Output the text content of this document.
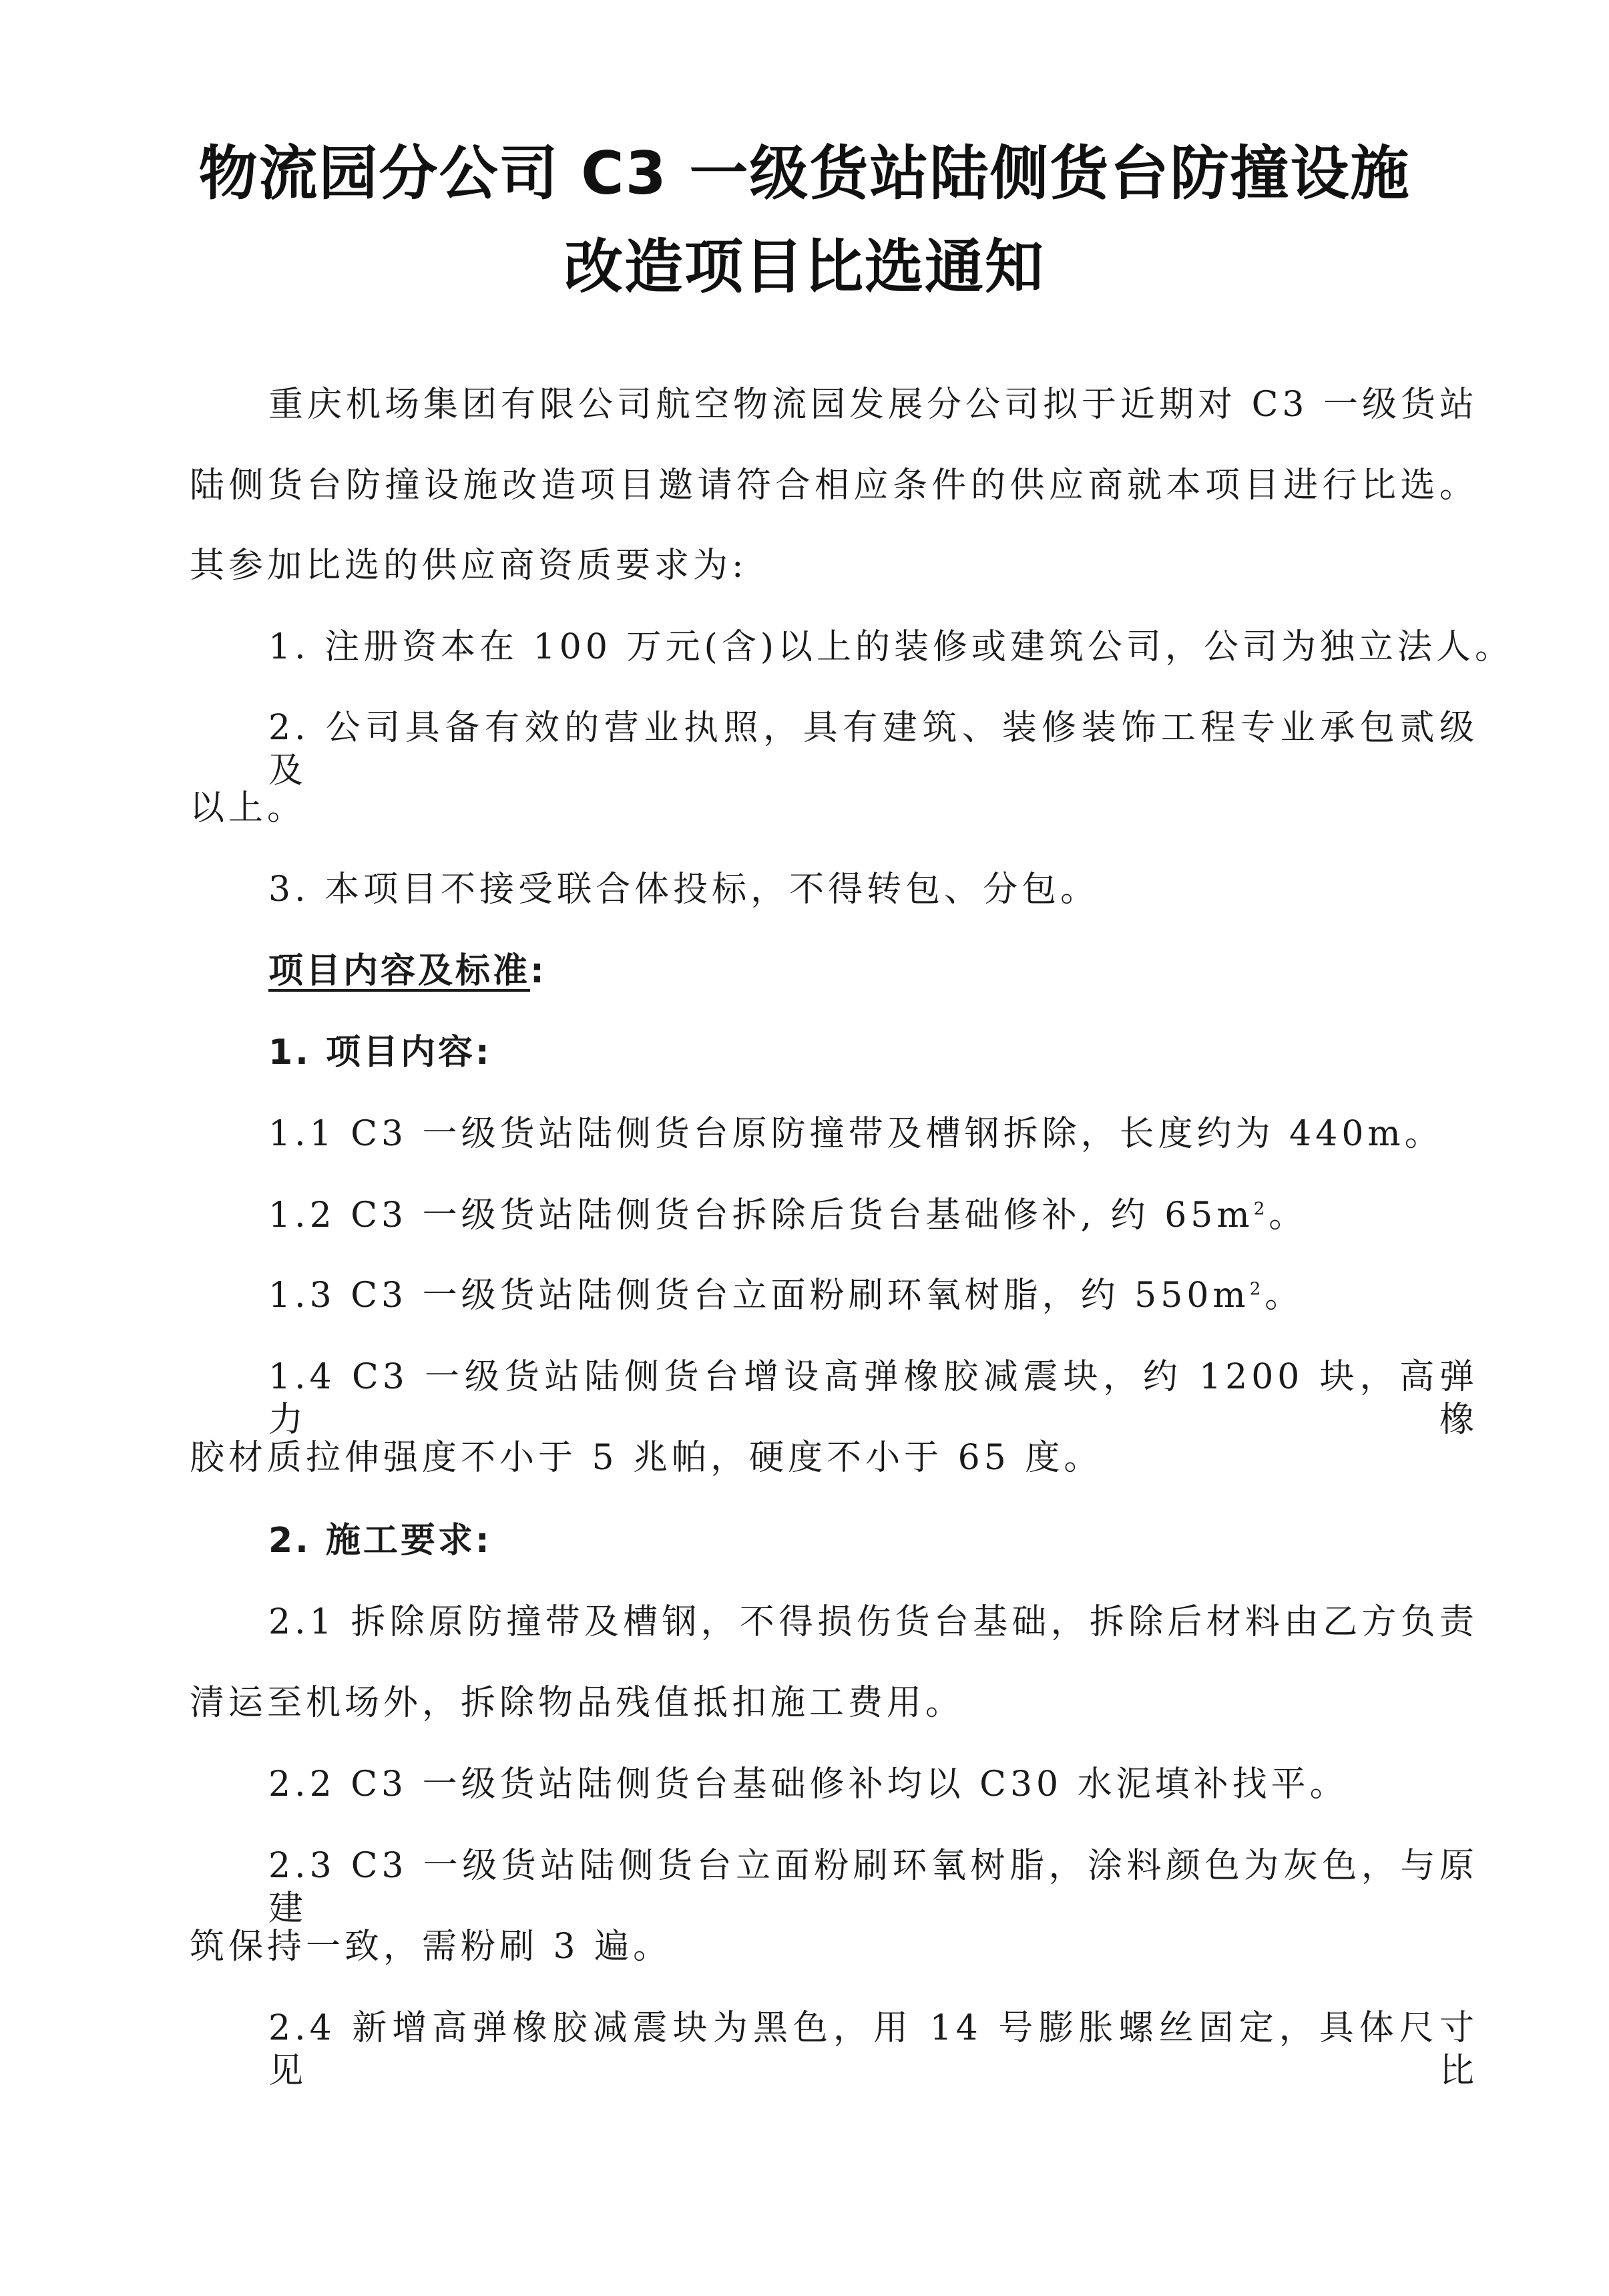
物流园分公司 C3 一级货站陆侧货台防撞设施
改造项目比选通知
重庆机场集团有限公司航空物流园发展分公司拟于近期对 C3 一级货站
陆侧货台防撞设施改造项目邀请符合相应条件的供应商就本项目进行比选。
其参加比选的供应商资质要求为:
1. 注册资本在 100 万元(含)以上的装修或建筑公司，公司为独立法人。
2. 公司具备有效的营业执照，具有建筑、装修装饰工程专业承包贰级及
以上。
3. 本项目不接受联合体投标，不得转包、分包。
项目内容及标准:
1. 项目内容:
1.1 C3 一级货站陆侧货台原防撞带及槽钢拆除，长度约为 440m。
1.2 C3 一级货站陆侧货台拆除后货台基础修补, 约 $65m^2$。
1.3 C3 一级货站陆侧货台立面粉刷环氧树脂，约 $550m^2$。
1.4 C3 一级货站陆侧货台增设高弹橡胶减震块，约 1200 块，高弹力橡
胶材质拉伸强度不小于 5 兆帕，硬度不小于 65 度。
2. 施工要求:
2.1 拆除原防撞带及槽钢，不得损伤货台基础，拆除后材料由乙方负责
清运至机场外，拆除物品残值抵扣施工费用。
2.2 C3 一级货站陆侧货台基础修补均以 C30 水泥填补找平。
2.3 C3 一级货站陆侧货台立面粉刷环氧树脂，涂料颜色为灰色，与原建
筑保持一致，需粉刷 3 遍。
2.4 新增高弹橡胶减震块为黑色，用 14 号膨胀螺丝固定，具体尺寸见比
